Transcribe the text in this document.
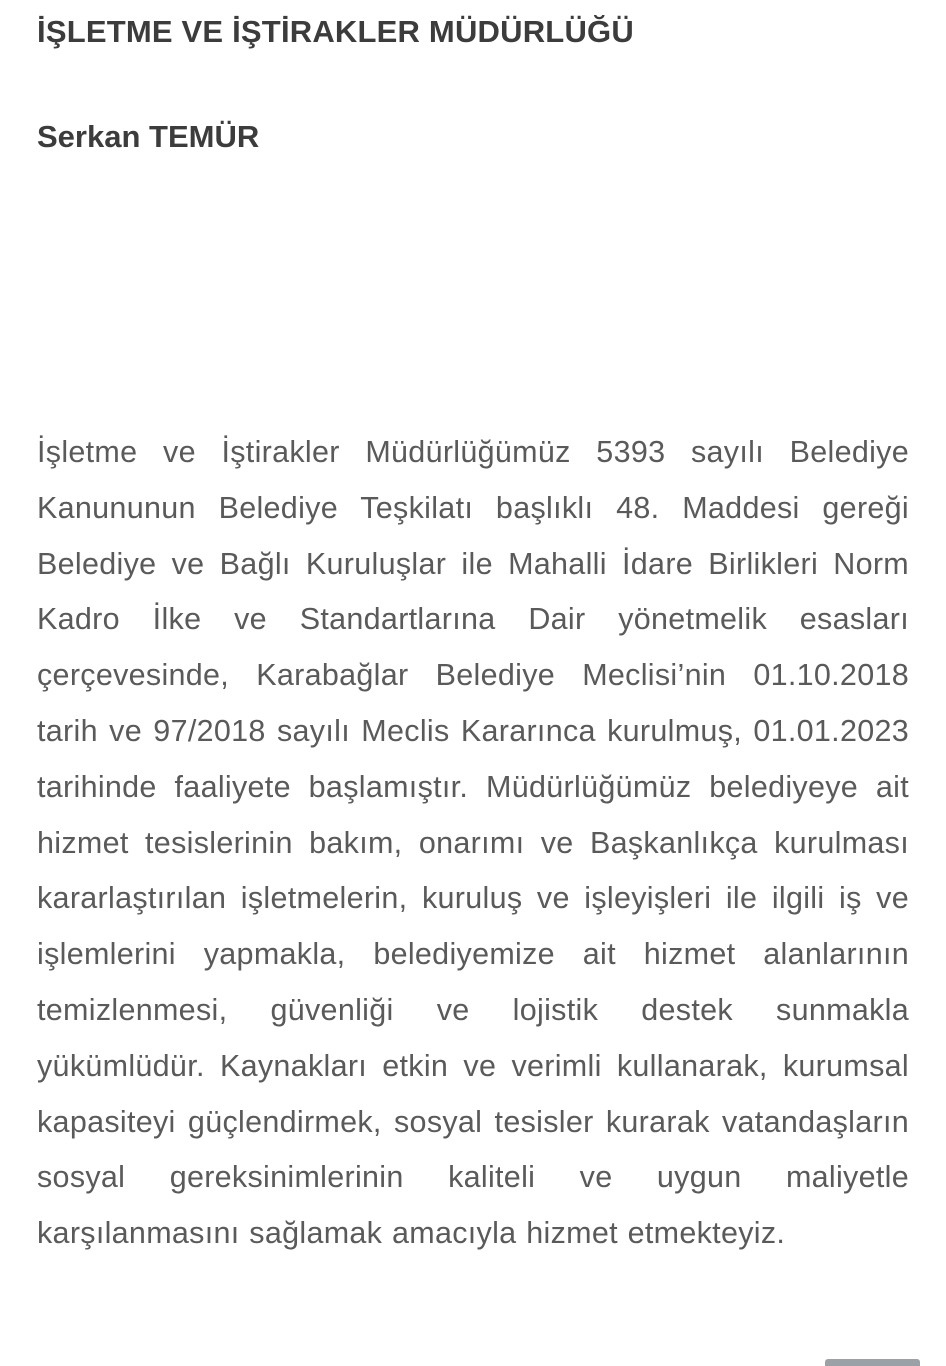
İŞLETME VE İŞTİRAKLER MÜDÜRLÜĞÜ
Serkan TEMÜR

İşletme ve İştirakler Müdürlüğümüz 5393 sayılı Belediye Kanununun Belediye Teşkilatı başlıklı 48. Maddesi gereği Belediye ve Bağlı Kuruluşlar ile Mahalli İdare Birlikleri Norm Kadro İlke ve Standartlarına Dair yönetmelik esasları çerçevesinde, Karabağlar Belediye Meclisi’nin 01.10.2018 tarih ve 97/2018 sayılı Meclis Kararınca kurulmuş, 01.01.2023 tarihinde faaliyete başlamıştır. Müdürlüğümüz belediyeye ait hizmet tesislerinin bakım, onarımı ve Başkanlıkça kurulması kararlaştırılan işletmelerin, kuruluş ve işleyişleri ile ilgili iş ve işlemlerini yapmakla, belediyemize ait hizmet alanlarının temizlenmesi, güvenliği ve lojistik destek sunmakla yükümlüdür. Kaynakları etkin ve verimli kullanarak, kurumsal kapasiteyi güçlendirmek, sosyal tesisler kurarak vatandaşların sosyal gereksinimlerinin kaliteli ve uygun maliyetle karşılanmasını sağlamak amacıyla hizmet etmekteyiz.
